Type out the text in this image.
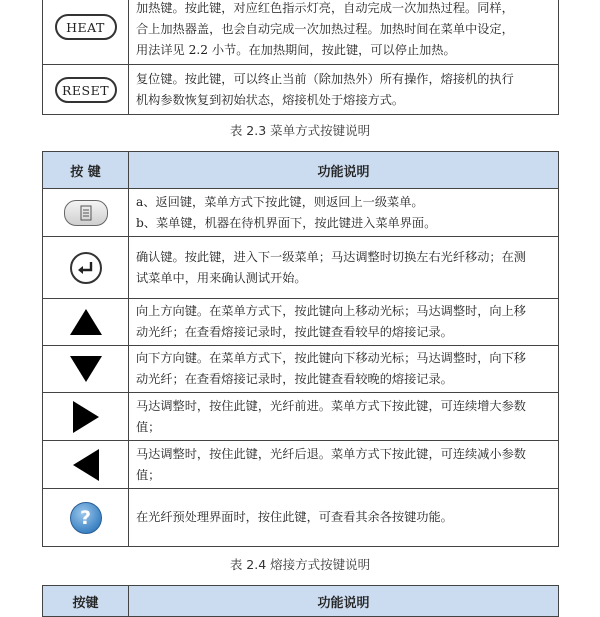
HEAT	加热键。按此键，对应红色指示灯亮，自动完成一次加热过程。同样，
合上加热器盖，也会自动完成一次加热过程。加热时间在菜单中设定，
用法详见 2.2 小节。在加热期间，按此键，可以停止加热。

RESET	复位键。按此键，可以终止当前（除加热外）所有操作，熔接机的执行
机构参数恢复到初始状态，熔接机处于熔接方式。
表 2.3 菜单方式按键说明
按 键	功能说明

a、返回键，菜单方式下按此键，则返回上一级菜单。
b、菜单键，机器在待机界面下，按此键进入菜单界面。

确认键。按此键，进入下一级菜单；马达调整时切换左右光纤移动；在测
试菜单中，用来确认测试开始。

向上方向键。在菜单方式下，按此键向上移动光标；马达调整时，向上移
动光纤；在查看熔接记录时，按此键查看较早的熔接记录。

向下方向键。在菜单方式下，按此键向下移动光标；马达调整时，向下移
动光纤；在查看熔接记录时，按此键查看较晚的熔接记录。

马达调整时，按住此键，光纤前进。菜单方式下按此键，可连续增大参数
值；

马达调整时，按住此键，光纤后退。菜单方式下按此键，可连续减小参数
值；

?	在光纤预处理界面时，按住此键，可查看其余各按键功能。
表 2.4 熔接方式按键说明
按键	功能说明
